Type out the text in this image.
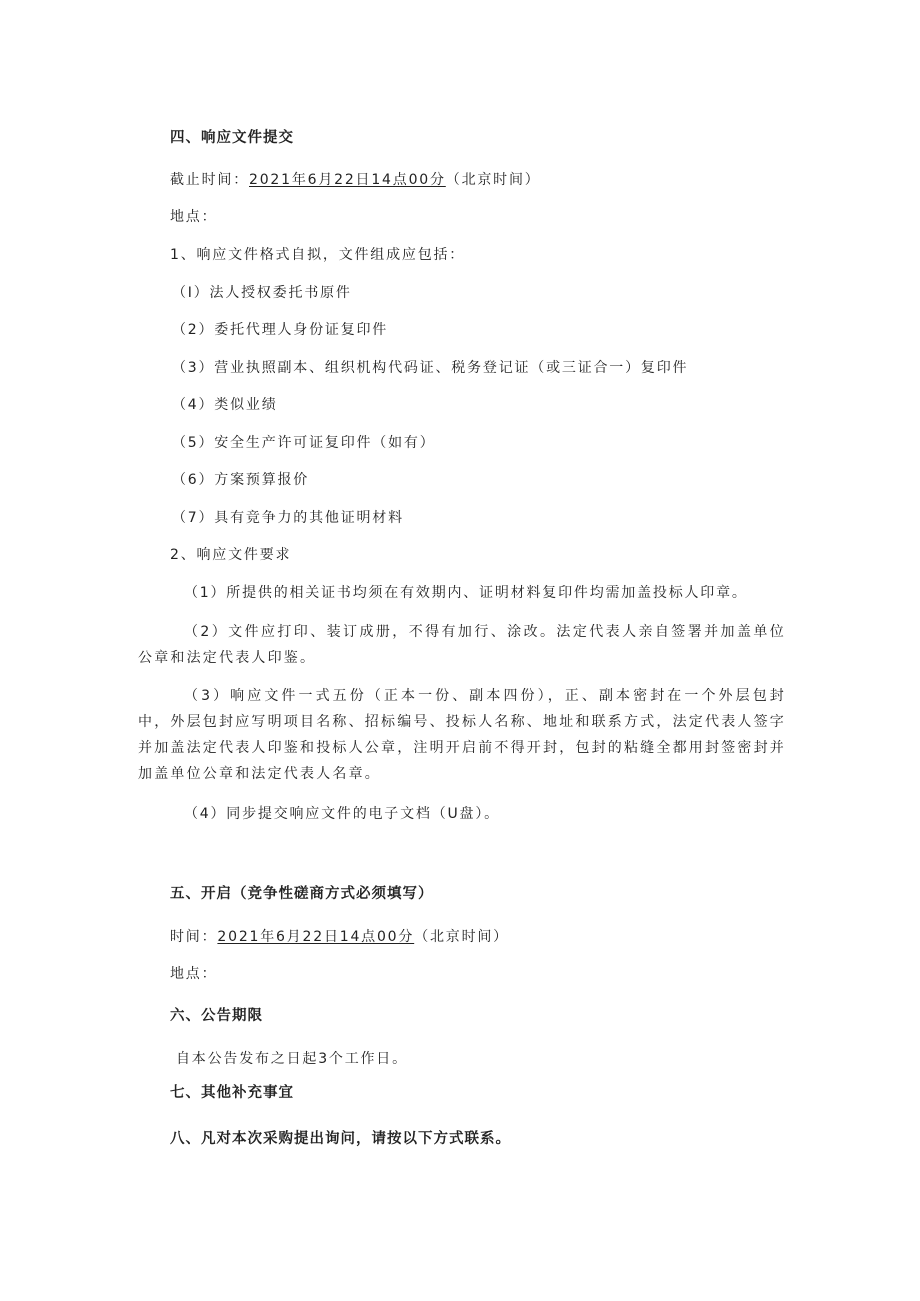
四、响应文件提交
截止时间：2021年6月22日14点00分（北京时间）
地点：
1、响应文件格式自拟，文件组成应包括：
（I）法人授权委托书原件
（2）委托代理人身份证复印件
（3）营业执照副本、组织机构代码证、税务登记证（或三证合一）复印件
（4）类似业绩
（5）安全生产许可证复印件（如有）
（6）方案预算报价
（7）具有竞争力的其他证明材料
2、响应文件要求
（1）所提供的相关证书均须在有效期内、证明材料复印件均需加盖投标人印章。
（2）文件应打印、装订成册，不得有加行、涂改。法定代表人亲自签署并加盖单位公章和法定代表人印鉴。
（3）响应文件一式五份（正本一份、副本四份），正、副本密封在一个外层包封中，外层包封应写明项目名称、招标编号、投标人名称、地址和联系方式，法定代表人签字并加盖法定代表人印鉴和投标人公章，注明开启前不得开封，包封的粘缝全都用封签密封并加盖单位公章和法定代表人名章。
（4）同步提交响应文件的电子文档（U盘）。
五、开启（竞争性磋商方式必须填写）
时间：2021年6月22日14点00分（北京时间）
地点：
六、公告期限
自本公告发布之日起3个工作日。
七、其他补充事宜
八、凡对本次采购提出询问，请按以下方式联系。
